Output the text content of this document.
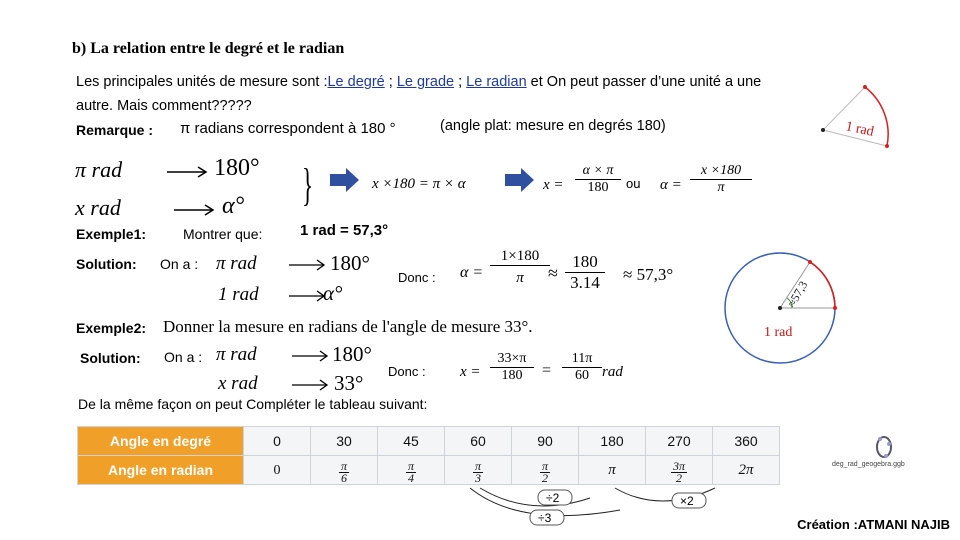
b) La relation entre le degré et le radian
Les principales unités de mesure sont :Le degré ; Le grade ; Le radian et On peut passer d’une unité a une
autre. Mais comment?????
Remarque : π radians correspondent à 180 °	(angle plat: mesure en degrés 180)	1 rad
π rad	180°
x rad	α° }	x ×180 = π × α	$x = \frac{\alpha \times \pi}{180}$ ou $\alpha = \frac{x \times 180}{\pi}$
Exemple1:	Montrer que:	1 rad = 57,3°
Solution: On a : π rad	180°
1 rad	α°
Donc : α =
1×180
π	≈
180
3.14	≈ 57,3°
≈57,3
1 rad
Exemple2: Donner la mesure en radians de l'angle de mesure 33°.
Solution: On a : π rad	180°
x rad	33° Donc : x =
33×π
180	=
11π
60 rad
De la même façon on peut Compléter le tableau suivant:
Angle en degré	0	30	45	60	90	180	270	360
Angle en radian	0	$\frac{\pi}{6}$	$\frac{\pi}{4}$	$\frac{\pi}{3}$	$\frac{\pi}{2}$	π	$\frac{3\pi}{2}$	2π
÷2
÷3
×2
deg_rad_geogebra.ggb
Création :ATMANI NAJIB
